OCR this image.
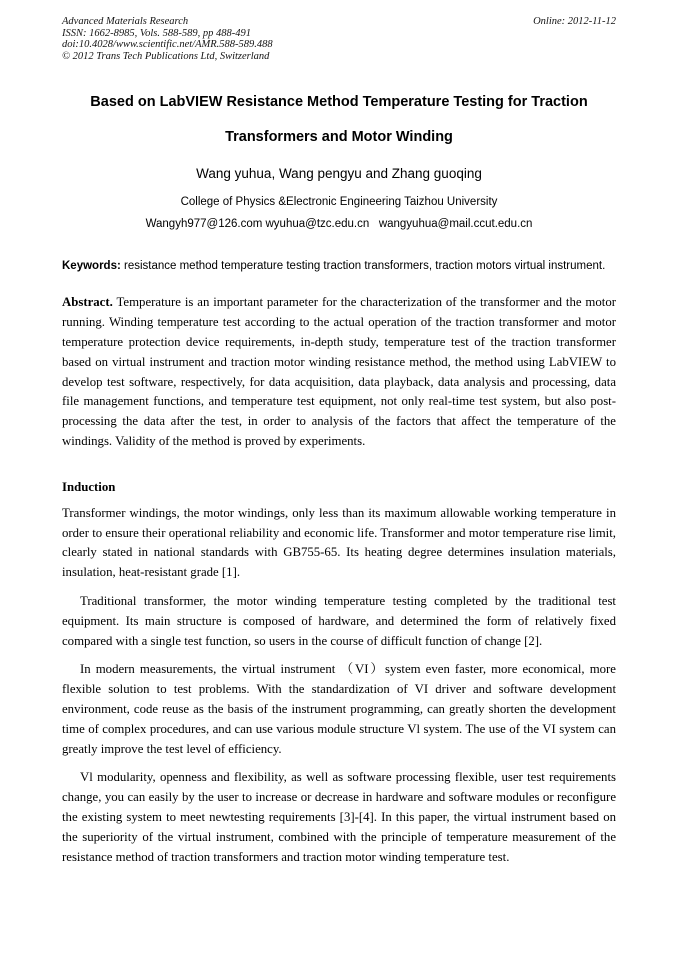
Advanced Materials Research
ISSN: 1662-8985, Vols. 588-589, pp 488-491
doi:10.4028/www.scientific.net/AMR.588-589.488
© 2012 Trans Tech Publications Ltd, Switzerland
Online: 2012-11-12
Based on LabVIEW Resistance Method Temperature Testing for Traction
Transformers and Motor Winding
Wang yuhua, Wang pengyu and Zhang guoqing
College of Physics &Electronic Engineering Taizhou University
Wangyh977@126.com wyuhua@tzc.edu.cn   wangyuhua@mail.ccut.edu.cn

Keywords: resistance method temperature testing traction transformers, traction motors virtual instrument.

Abstract. Temperature is an important parameter for the characterization of the transformer and the motor running. Winding temperature test according to the actual operation of the traction transformer and motor temperature protection device requirements, in-depth study, temperature test of the traction transformer based on virtual instrument and traction motor winding resistance method, the method using LabVIEW to develop test software, respectively, for data acquisition, data playback, data analysis and processing, data file management functions, and temperature test equipment, not only real-time test system, but also post-processing the data after the test, in order to analysis of the factors that affect the temperature of the windings. Validity of the method is proved by experiments.

Induction

Transformer windings, the motor windings, only less than its maximum allowable working temperature in order to ensure their operational reliability and economic life. Transformer and motor temperature rise limit, clearly stated in national standards with GB755-65. Its heating degree determines insulation materials, insulation, heat-resistant grade [1].

Traditional transformer, the motor winding temperature testing completed by the traditional test equipment. Its main structure is composed of hardware, and determined the form of relatively fixed compared with a single test function, so users in the course of difficult function of change [2].

In modern measurements, the virtual instrument （VI）system even faster, more economical, more flexible solution to test problems. With the standardization of VI driver and software development environment, code reuse as the basis of the instrument programming, can greatly shorten the development time of complex procedures, and can use various module structure Vl system. The use of the VI system can greatly improve the test level of efficiency.

Vl modularity, openness and flexibility, as well as software processing flexible, user test requirements change, you can easily by the user to increase or decrease in hardware and software modules or reconfigure the existing system to meet newtesting requirements [3]-[4]. In this paper, the virtual instrument based on the superiority of the virtual instrument, combined with the principle of temperature measurement of the resistance method of traction transformers and traction motor winding temperature test.
